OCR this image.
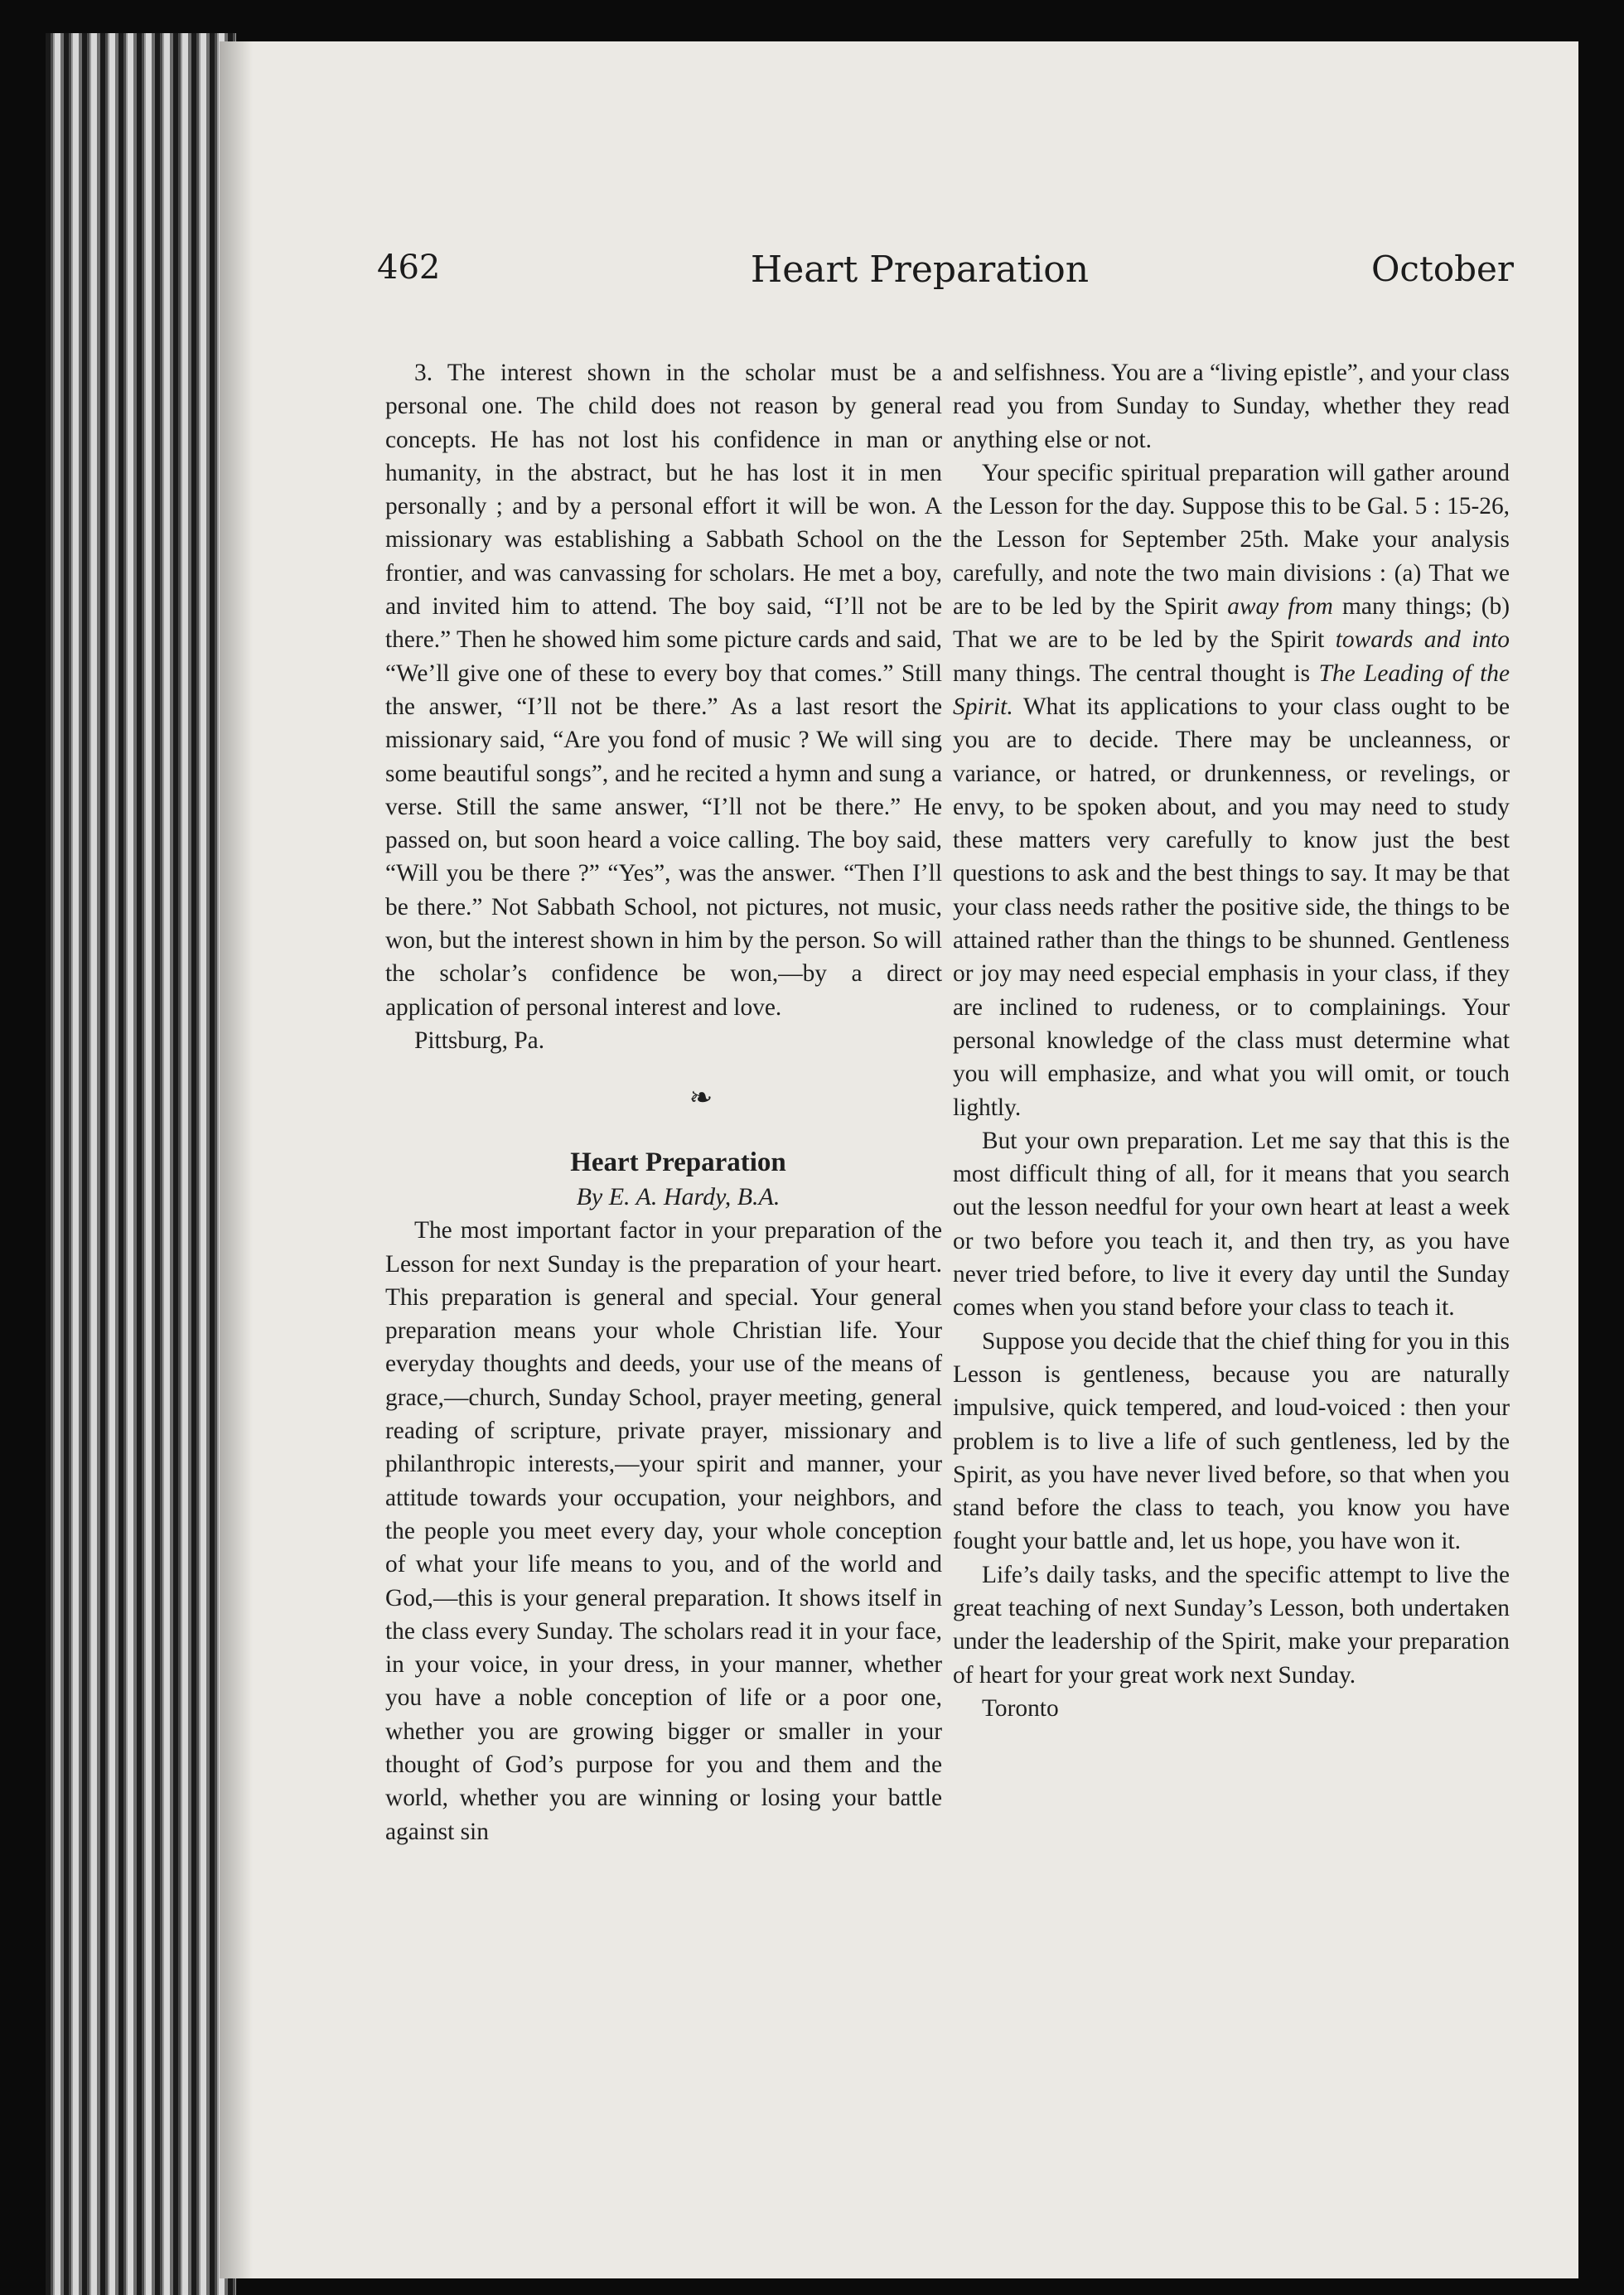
462	Heart Preparation	October

3. The interest shown in the scholar must be a personal one. The child does not reason by general concepts. He has not lost his confidence in man or humanity, in the abstract, but he has lost it in men personally ; and by a personal effort it will be won. A missionary was establishing a Sabbath School on the frontier, and was canvassing for scholars. He met a boy, and invited him to attend. The boy said, “I’ll not be there.” Then he showed him some picture cards and said, “We’ll give one of these to every boy that comes.” Still the answer, “I’ll not be there.” As a last resort the missionary said, “Are you fond of music ? We will sing some beautiful songs”, and he recited a hymn and sung a verse. Still the same answer, “I’ll not be there.” He passed on, but soon heard a voice calling. The boy said, “Will you be there ?” “Yes”, was the answer. “Then I’ll be there.” Not Sabbath School, not pictures, not music, won, but the interest shown in him by the person. So will the scholar’s confidence be won,—by a direct application of personal interest and love.

Pittsburg, Pa.

❧

Heart Preparation

By E. A. Hardy, B.A.

The most important factor in your preparation of the Lesson for next Sunday is the preparation of your heart. This preparation is general and special. Your general preparation means your whole Christian life. Your everyday thoughts and deeds, your use of the means of grace,—church, Sunday School, prayer meeting, general reading of scripture, private prayer, missionary and philanthropic interests,—your spirit and manner, your attitude towards your occupation, your neighbors, and the people you meet every day, your whole conception of what your life means to you, and of the world and God,—this is your general preparation. It shows itself in the class every Sunday. The scholars read it in your face, in your voice, in your dress, in your manner, whether you have a noble conception of life or a poor one, whether you are growing bigger or smaller in your thought of God’s purpose for you and them and the world, whether you are winning or losing your battle against sin

and selfishness. You are a “living epistle”, and your class read you from Sunday to Sunday, whether they read anything else or not.

Your specific spiritual preparation will gather around the Lesson for the day. Suppose this to be Gal. 5 : 15-26, the Lesson for September 25th. Make your analysis carefully, and note the two main divisions : (a) That we are to be led by the Spirit away from many things; (b) That we are to be led by the Spirit towards and into many things. The central thought is The Leading of the Spirit. What its applications to your class ought to be you are to decide. There may be uncleanness, or variance, or hatred, or drunkenness, or revelings, or envy, to be spoken about, and you may need to study these matters very carefully to know just the best questions to ask and the best things to say. It may be that your class needs rather the positive side, the things to be attained rather than the things to be shunned. Gentleness or joy may need especial emphasis in your class, if they are inclined to rudeness, or to complainings. Your personal knowledge of the class must determine what you will emphasize, and what you will omit, or touch lightly.

But your own preparation. Let me say that this is the most difficult thing of all, for it means that you search out the lesson needful for your own heart at least a week or two before you teach it, and then try, as you have never tried before, to live it every day until the Sunday comes when you stand before your class to teach it.

Suppose you decide that the chief thing for you in this Lesson is gentleness, because you are naturally impulsive, quick tempered, and loud-voiced : then your problem is to live a life of such gentleness, led by the Spirit, as you have never lived before, so that when you stand before the class to teach, you know you have fought your battle and, let us hope, you have won it.

Life’s daily tasks, and the specific attempt to live the great teaching of next Sunday’s Lesson, both undertaken under the leadership of the Spirit, make your preparation of heart for your great work next Sunday.

Toronto
